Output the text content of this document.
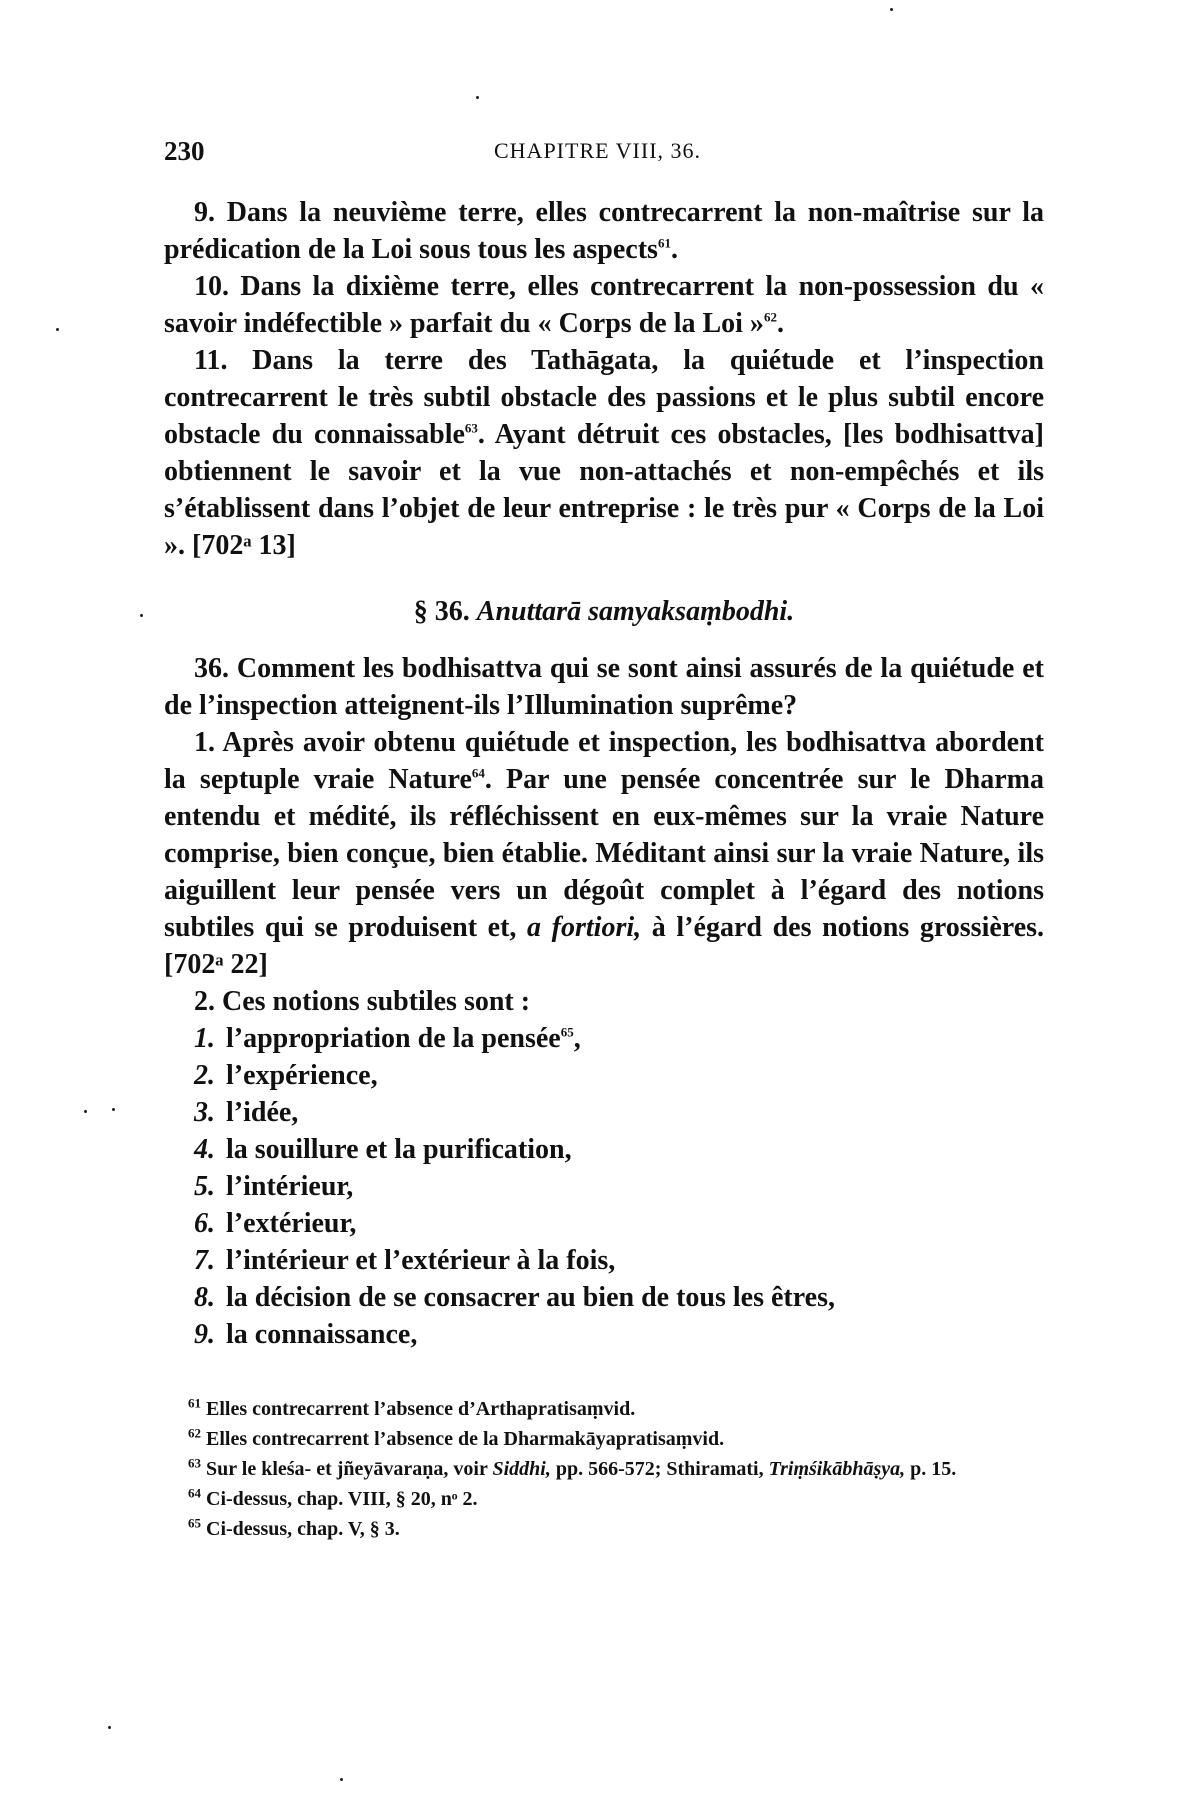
230	CHAPITRE VIII, 36.

9. Dans la neuvième terre, elles contrecarrent la non-maîtrise sur la prédication de la Loi sous tous les aspects$^{61}$.

10. Dans la dixième terre, elles contrecarrent la non-possession du « savoir indéfectible » parfait du « Corps de la Loi »$^{62}$.

11. Dans la terre des Tathāgata, la quiétude et l’inspection contrecarrent le très subtil obstacle des passions et le plus subtil encore obstacle du connaissable$^{63}$. Ayant détruit ces obstacles, [les bodhisattva] obtiennent le savoir et la vue non-attachés et non-empêchés et ils s’établissent dans l’objet de leur entreprise : le très pur « Corps de la Loi ». [702ᵃ 13]

§ 36. Anuttarā samyaksaṃbodhi.

36. Comment les bodhisattva qui se sont ainsi assurés de la quiétude et de l’inspection atteignent-ils l’Illumination suprême?

1. Après avoir obtenu quiétude et inspection, les bodhisattva abordent la septuple vraie Nature$^{64}$. Par une pensée concentrée sur le Dharma entendu et médité, ils réfléchissent en eux-mêmes sur la vraie Nature comprise, bien conçue, bien établie. Méditant ainsi sur la vraie Nature, ils aiguillent leur pensée vers un dégoût complet à l’égard des notions subtiles qui se produisent et, a fortiori, à l’égard des notions grossières. [702ᵃ 22]

2. Ces notions subtiles sont :

1. l’appropriation de la pensée$^{65}$,
2. l’expérience,
3. l’idée,
4. la souillure et la purification,
5. l’intérieur,
6. l’extérieur,
7. l’intérieur et l’extérieur à la fois,
8. la décision de se consacrer au bien de tous les êtres,
9. la connaissance,

$^{61}$ Elles contrecarrent l’absence d’Arthapratisaṃvid.

$^{62}$ Elles contrecarrent l’absence de la Dharmakāyapratisaṃvid.

$^{63}$ Sur le kleśa- et jñeyāvaraṇa, voir Siddhi, pp. 566-572; Sthiramati, Triṃśikābhāṣya, p. 15.

$^{64}$ Ci-dessus, chap. VIII, § 20, nᵒ 2.

$^{65}$ Ci-dessus, chap. V, § 3.
